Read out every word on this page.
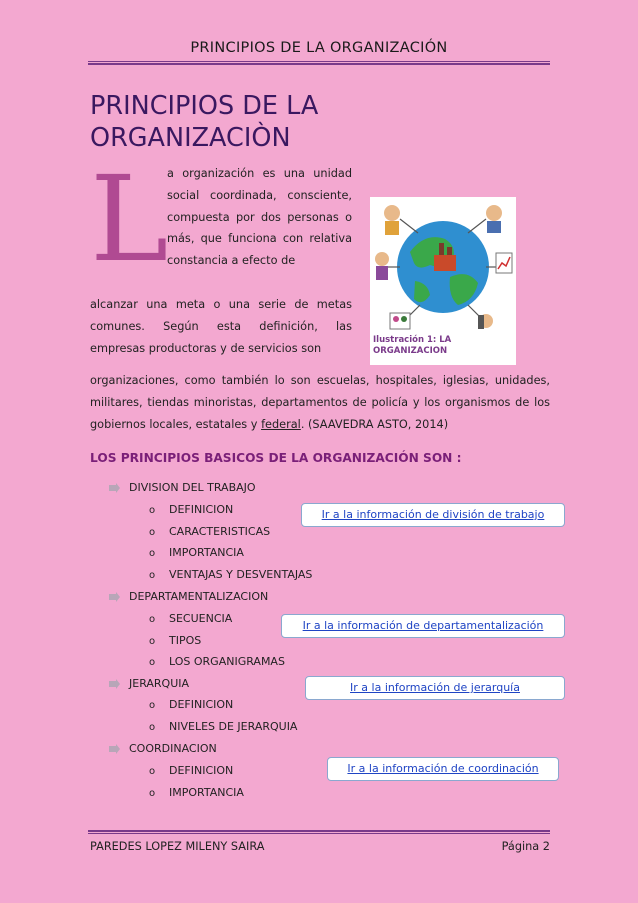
PRINCIPIOS DE LA ORGANIZACIÓN
PRINCIPIOS DE LA
ORGANIZACIÒN
L
a organización es una unidad social coordinada, consciente, compuesta por dos personas o más, que funciona con relativa constancia a efecto de
alcanzar una meta o una serie de metas comunes. Según esta definición, las empresas productoras y de servicios son
organizaciones, como también lo son escuelas, hospitales, iglesias, unidades, militares, tiendas minoristas, departamentos de policía y los organismos de los gobiernos locales, estatales y federal. (SAAVEDRA ASTO, 2014)
Ilustración 1: LA ORGANIZACION
LOS PRINCIPIOS BASICOS DE LA ORGANIZACIÓN SON :
DIVISION DEL TRABAJO
o DEFINICION
o CARACTERISTICAS
o IMPORTANCIA
o VENTAJAS Y DESVENTAJAS
Ir a la información de división de trabajo
DEPARTAMENTALIZACION
o SECUENCIA
o TIPOS
o LOS ORGANIGRAMAS
Ir a la información de departamentalización
JERARQUIA
o DEFINICION
o NIVELES DE JERARQUIA
Ir a la información de jerarquía
COORDINACION
o DEFINICION
o IMPORTANCIA
Ir a la información de coordinación
PAREDES LOPEZ MILENY SAIRA	Página 2
